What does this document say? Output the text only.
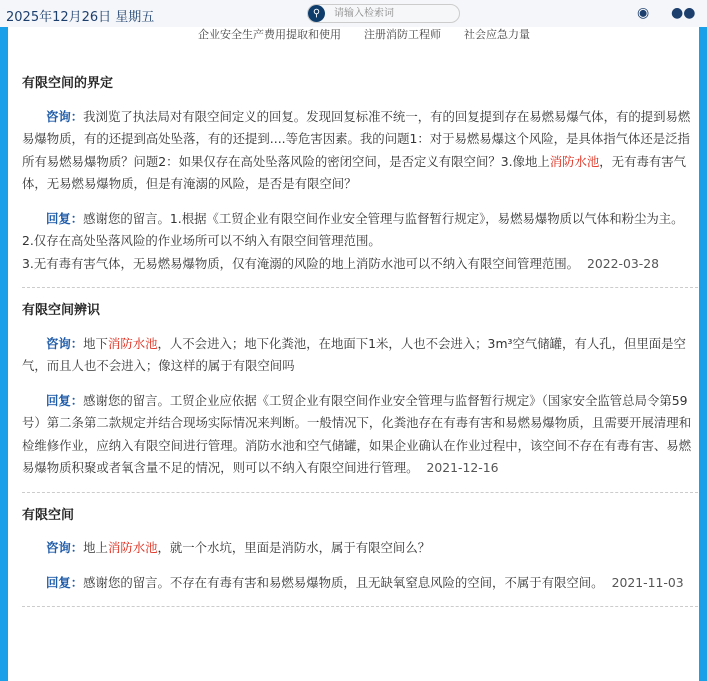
2025年12月26日 星期五	请输入检索词
⚲	◉ ●●
企业安全生产费用提取和使用  注册消防工程师  社会应急力量
有限空间的界定
咨询：我浏览了执法局对有限空间定义的回复。发现回复标准不统一，有的回复提到存在易燃易爆气体，有的提到易燃易爆物质，有的还提到高处坠落，有的还提到....等危害因素。我的问题1：对于易燃易爆这个风险，是具体指气体还是泛指所有易燃易爆物质？问题2：如果仅存在高处坠落风险的密闭空间，是否定义有限空间？3.像地上消防水池，无有毒有害气体，无易燃易爆物质，但是有淹溺的风险，是否是有限空间？
回复：感谢您的留言。1.根据《工贸企业有限空间作业安全管理与监督暂行规定》，易燃易爆物质以气体和粉尘为主。
2.仅存在高处坠落风险的作业场所可以不纳入有限空间管理范围。
3.无有毒有害气体，无易燃易爆物质，仅有淹溺的风险的地上消防水池可以不纳入有限空间管理范围。 2022-03-28
有限空间辨识
咨询：地下消防水池，人不会进入；地下化粪池，在地面下1米，人也不会进入；3m³空气储罐，有人孔，但里面是空气，而且人也不会进入；像这样的属于有限空间吗
回复：感谢您的留言。工贸企业应依据《工贸企业有限空间作业安全管理与监督暂行规定》（国家安全监管总局令第59号）第二条第二款规定并结合现场实际情况来判断。一般情况下，化粪池存在有毒有害和易燃易爆物质，且需要开展清理和检维修作业，应纳入有限空间进行管理。消防水池和空气储罐，如果企业确认在作业过程中，该空间不存在有毒有害、易燃易爆物质积聚或者氧含量不足的情况，则可以不纳入有限空间进行管理。 2021-12-16
有限空间
咨询：地上消防水池，就一个水坑，里面是消防水，属于有限空间么？
回复：感谢您的留言。不存在有毒有害和易燃易爆物质，且无缺氧窒息风险的空间，不属于有限空间。 2021-11-03
